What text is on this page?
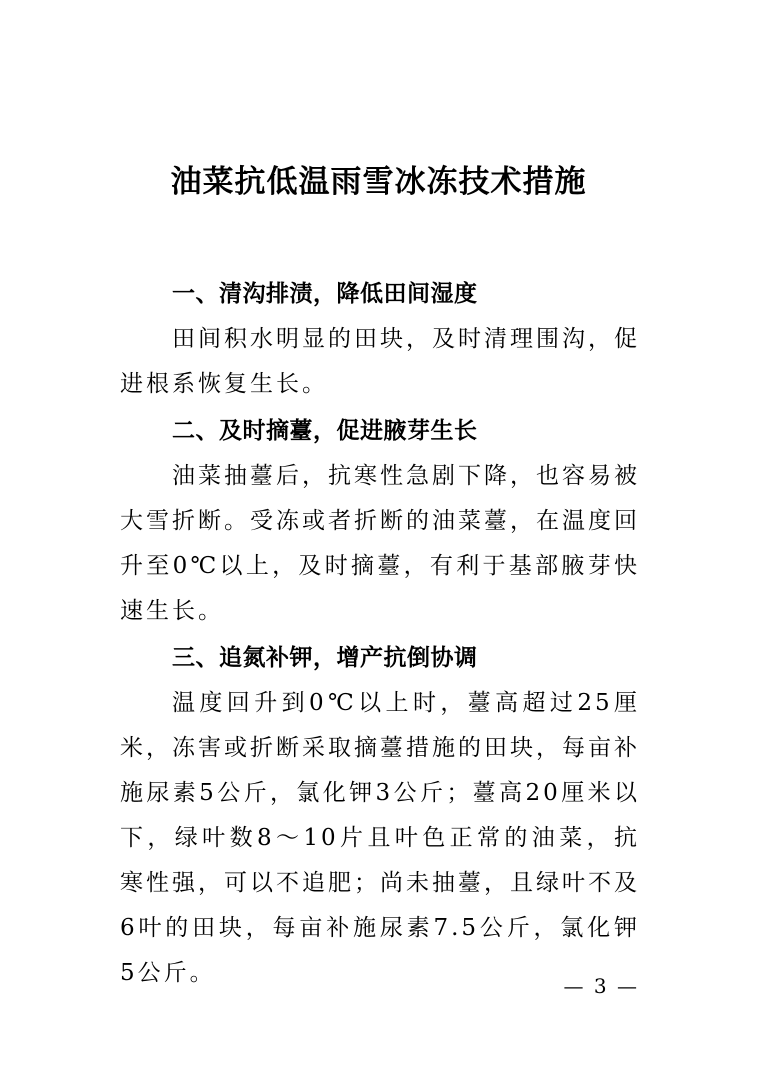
油菜抗低温雨雪冰冻技术措施

一、清沟排渍，降低田间湿度

田间积水明显的田块，及时清理围沟，促进根系恢复生长。

二、及时摘薹，促进腋芽生长

油菜抽薹后，抗寒性急剧下降，也容易被大雪折断。受冻或者折断的油菜薹，在温度回升至0℃以上，及时摘薹，有利于基部腋芽快速生长。

三、追氮补钾，增产抗倒协调

温度回升到0℃以上时，薹高超过25厘米，冻害或折断采取摘薹措施的田块，每亩补施尿素5公斤，氯化钾3公斤；薹高20厘米以下，绿叶数8～10片且叶色正常的油菜，抗寒性强，可以不追肥；尚未抽薹，且绿叶不及6叶的田块，每亩补施尿素7.5公斤，氯化钾5公斤。	— 3 —
